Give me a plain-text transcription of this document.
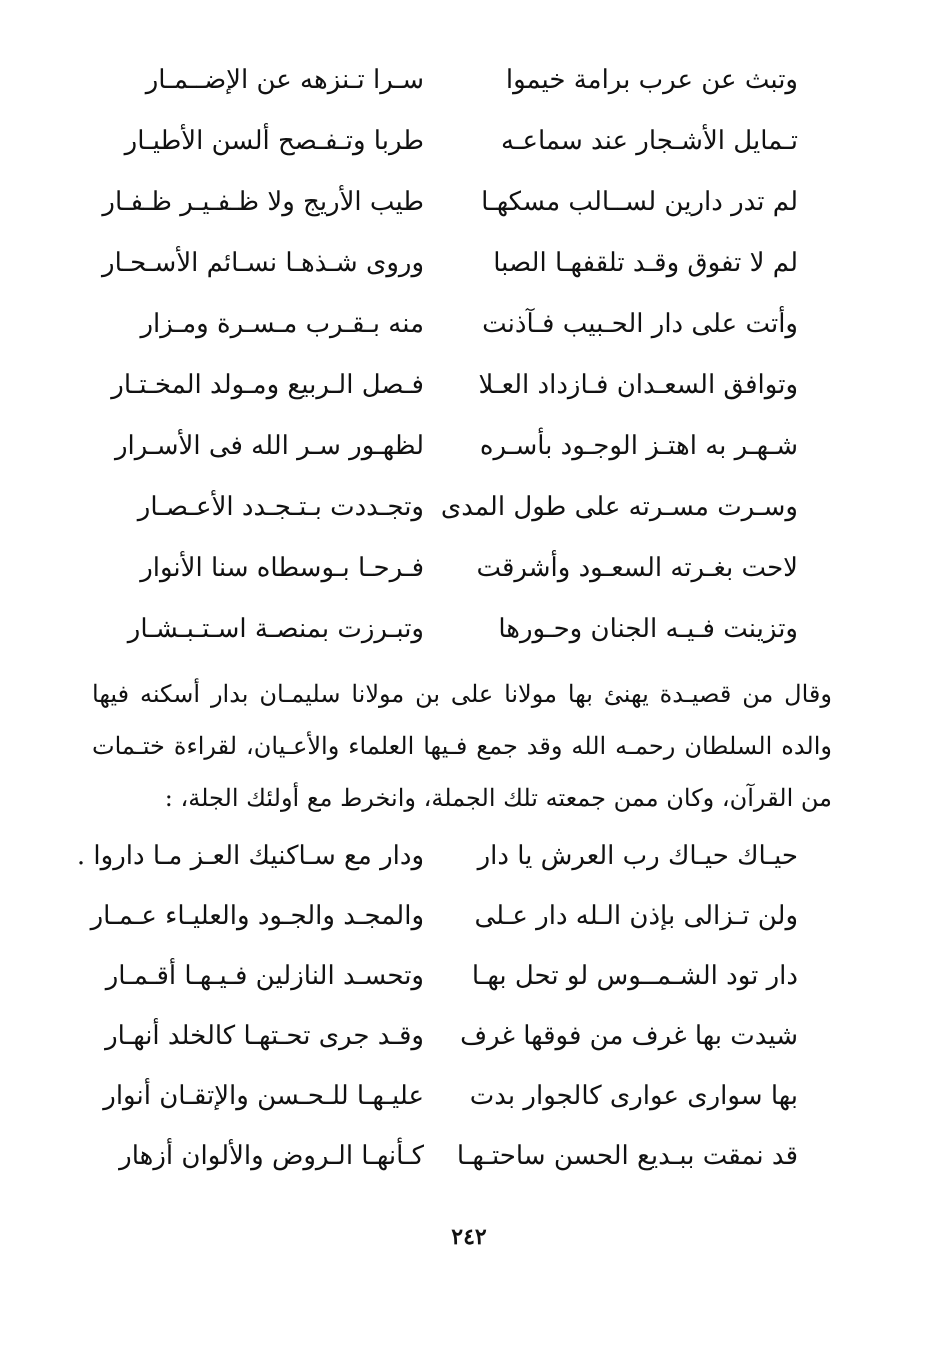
وتبث عن عرب برامة خيموا
سـرا تـنزهه عن الإضــمـار
تـمايل الأشـجار عند سماعـه
طربا وتـفـصح ألسن الأطيـار
لم تدر دارين لســالب مسكهـا
طيب الأريج ولا ظـفـيـر ظـفـار
لم لا تفوق وقـد تلقفهـا الصبا
وروى شـذهـا نسـائم الأسـحـار
وأتت على دار الحـبيب فـآذنت
منه بـقـرب مـسـرة ومـزار
وتوافق السعـدان فـازداد العـلا
فـصل الـربيع ومـولد المخـتـار
شـهـر به اهتـز الوجـود بأسـره
لظهـور سـر الله فى الأسـرار
وسـرت مسـرته على طول المدى
وتجـددت بـتـجـدد الأعـصـار
لاحت بغـرته السعـود وأشرقت
فـرحـا بـوسطاه سنا الأنوار
وتزينت فـيـه الجنان وحـورها
وتبـرزت بمنصـة اسـتـبـشـار

وقال من قصيـدة يهنئ بها مولانا على بن مولانا سليمـان بدار أسكنه فيها والده السلطان رحمـه الله وقد جمع فـيها العلماء والأعـيان، لقراءة ختـمات من القرآن، وكان ممن جمعته تلك الجملة، وانخرط مع أولئك الجلة، :

حيـاك حيـاك رب العرش يا دار
ودار مع سـاكنيك العـز مـا داروا .
ولن تـزالى بإذن الـله دار عـلى
والمجـد والجـود والعليـاء عـمـار
دار تود الشـمــوس لو تحل بهـا
وتحسـد النازلين فـيـهـا أقـمـار
شيدت بها غرف من فوقها غرف
وقـد جرى تحـتهـا كالخلد أنهـار
بها سوارى عوارى كالجوار بدت
عليـهـا للـحـسن والإتقـان أنوار
قد نمقت ببـديع الحسن ساحتـهـا
كـأنهـا الـروض والألوان أزهار
٢٤٢
